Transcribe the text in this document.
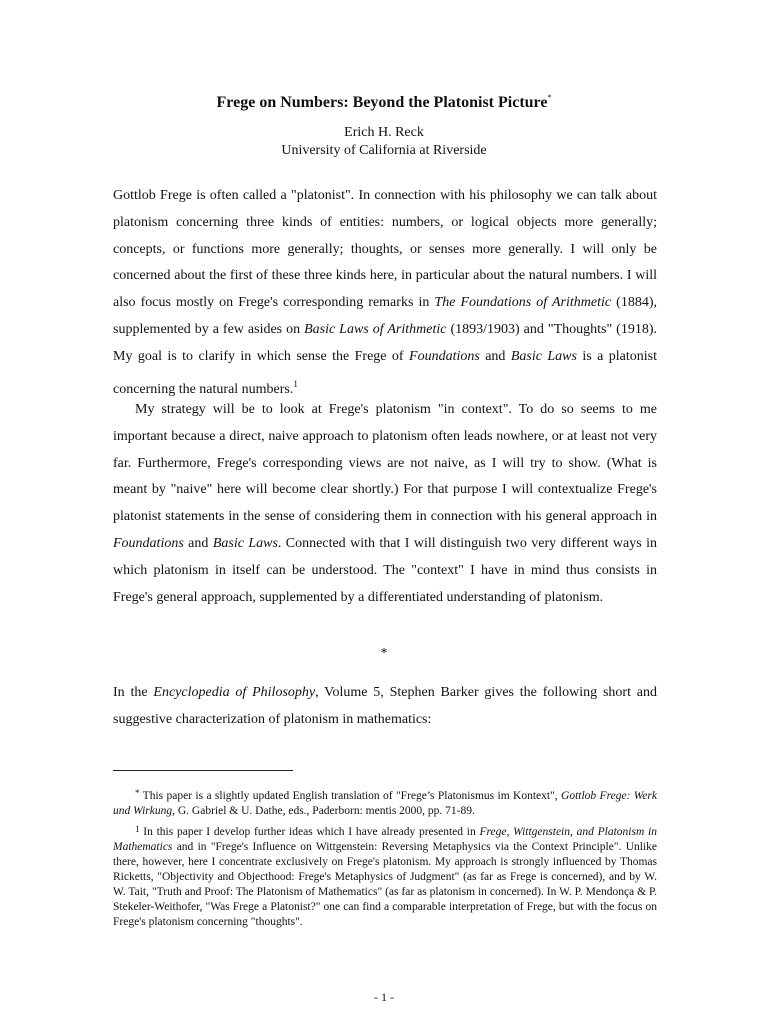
Frege on Numbers: Beyond the Platonist Picture*
Erich H. Reck
University of California at Riverside

Gottlob Frege is often called a "platonist". In connection with his philosophy we can talk about platonism concerning three kinds of entities: numbers, or logical objects more generally; concepts, or functions more generally; thoughts, or senses more generally. I will only be concerned about the first of these three kinds here, in particular about the natural numbers. I will also focus mostly on Frege's corresponding remarks in The Foundations of Arithmetic (1884), supplemented by a few asides on Basic Laws of Arithmetic (1893/1903) and "Thoughts" (1918). My goal is to clarify in which sense the Frege of Foundations and Basic Laws is a platonist concerning the natural numbers.$^1$

My strategy will be to look at Frege's platonism "in context". To do so seems to me important because a direct, naive approach to platonism often leads nowhere, or at least not very far. Furthermore, Frege's corresponding views are not naive, as I will try to show. (What is meant by "naive" here will become clear shortly.) For that purpose I will contextualize Frege's platonist statements in the sense of considering them in connection with his general approach in Foundations and Basic Laws. Connected with that I will distinguish two very different ways in which platonism in itself can be understood. The "context" I have in mind thus consists in Frege's general approach, supplemented by a differentiated understanding of platonism.

*

In the Encyclopedia of Philosophy, Volume 5, Stephen Barker gives the following short and suggestive characterization of platonism in mathematics:

* This paper is a slightly updated English translation of "Frege’s Platonismus im Kontext", Gottlob Frege: Werk und Wirkung, G. Gabriel & U. Dathe, eds., Paderborn: mentis 2000, pp. 71-89.

$^1$ In this paper I develop further ideas which I have already presented in Frege, Wittgenstein, and Platonism in Mathematics and in "Frege's Influence on Wittgenstein: Reversing Metaphysics via the Context Principle". Unlike there, however, here I concentrate exclusively on Frege's platonism. My approach is strongly influenced by Thomas Ricketts, "Objectivity and Objecthood: Frege's Metaphysics of Judgment" (as far as Frege is concerned), and by W. W. Tait, "Truth and Proof: The Platonism of Mathematics" (as far as platonism in concerned). In W. P. Mendonça & P. Stekeler-Weithofer, "Was Frege a Platonist?" one can find a comparable interpretation of Frege, but with the focus on Frege's platonism concerning "thoughts".

- 1 -
